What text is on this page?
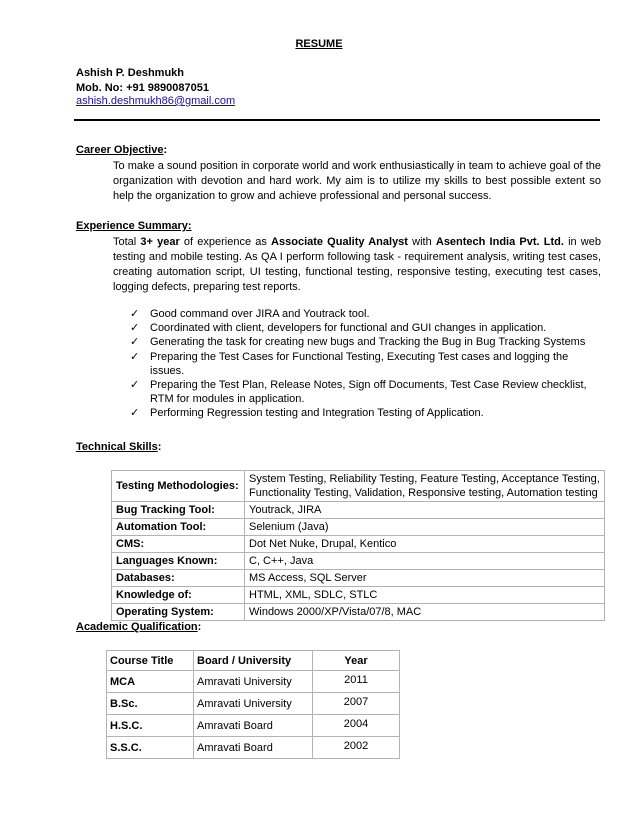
RESUME
Ashish P. Deshmukh
Mob. No: +91 9890087051
ashish.deshmukh86@gmail.com
Career Objective:
To make a sound position in corporate world and work enthusiastically in team to achieve goal of the organization with devotion and hard work. My aim is to utilize my skills to best possible extent so help the organization to grow and achieve professional and personal success.
Experience Summary:
Total 3+ year of experience as Associate Quality Analyst with Asentech India Pvt. Ltd. in web testing and mobile testing. As QA I perform following task - requirement analysis, writing test cases, creating automation script, UI testing, functional testing, responsive testing, executing test cases, logging defects, preparing test reports.
✓ Good command over JIRA and Youtrack tool.
✓ Coordinated with client, developers for functional and GUI changes in application.
✓ Generating the task for creating new bugs and Tracking the Bug in Bug Tracking Systems
✓ Preparing the Test Cases for Functional Testing, Executing Test cases and logging the issues.
✓ Preparing the Test Plan, Release Notes, Sign off Documents, Test Case Review checklist, RTM for modules in application.
✓ Performing Regression testing and Integration Testing of Application.
Technical Skills:
Testing Methodologies:	System Testing, Reliability Testing, Feature Testing, Acceptance Testing, Functionality Testing, Validation, Responsive testing, Automation testing
Bug Tracking Tool:	Youtrack, JIRA
Automation Tool:	Selenium (Java)
CMS:	Dot Net Nuke, Drupal, Kentico
Languages Known:	C, C++, Java
Databases:	MS Access, SQL Server
Knowledge of:	HTML, XML, SDLC, STLC
Operating System:	Windows 2000/XP/Vista/07/8, MAC
Academic Qualification:
Course Title	Board / University	Year
MCA	Amravati University	2011
B.Sc.	Amravati University	2007
H.S.C.	Amravati Board	2004
S.S.C.	Amravati Board	2002
